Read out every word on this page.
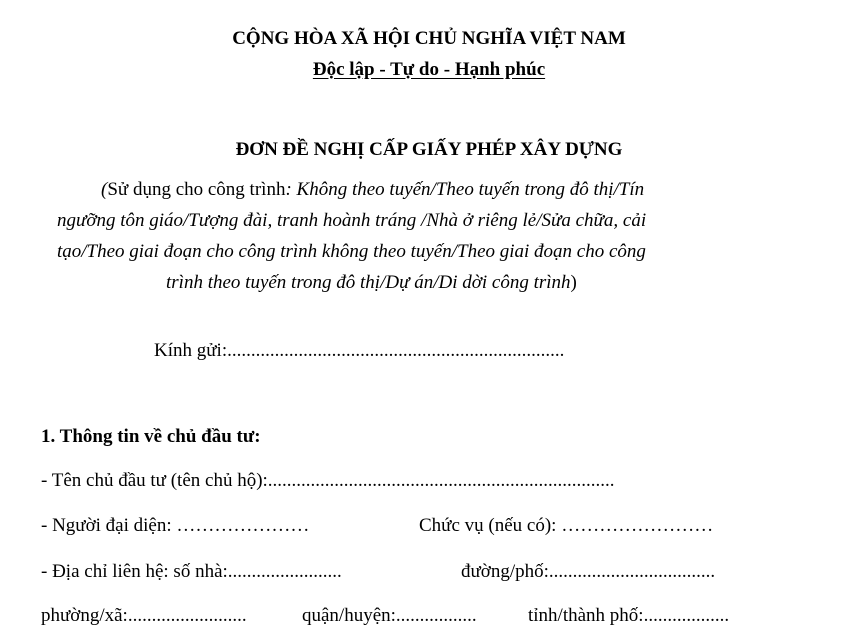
CỘNG HÒA XÃ HỘI CHỦ NGHĨA VIỆT NAM
Độc lập - Tự do - Hạnh phúc
ĐƠN ĐỀ NGHỊ CẤP GIẤY PHÉP XÂY DỰNG
(Sử dụng cho công trình: Không theo tuyến/Theo tuyến trong đô thị/Tín
ngưỡng tôn giáo/Tượng đài, tranh hoành tráng /Nhà ở riêng lẻ/Sửa chữa, cải
tạo/Theo giai đoạn cho công trình không theo tuyến/Theo giai đoạn cho công
trình theo tuyến trong đô thị/Dự án/Di dời công trình)
Kính gửi:.......................................................................
1. Thông tin về chủ đầu tư:
- Tên chủ đầu tư (tên chủ hộ):.........................................................................
- Người đại diện: …………………	Chức vụ (nếu có): ……………………
- Địa chỉ liên hệ: số nhà:........................	đường/phố:...................................
phường/xã:.........................	quận/huyện:.................	tỉnh/thành phố:..................
